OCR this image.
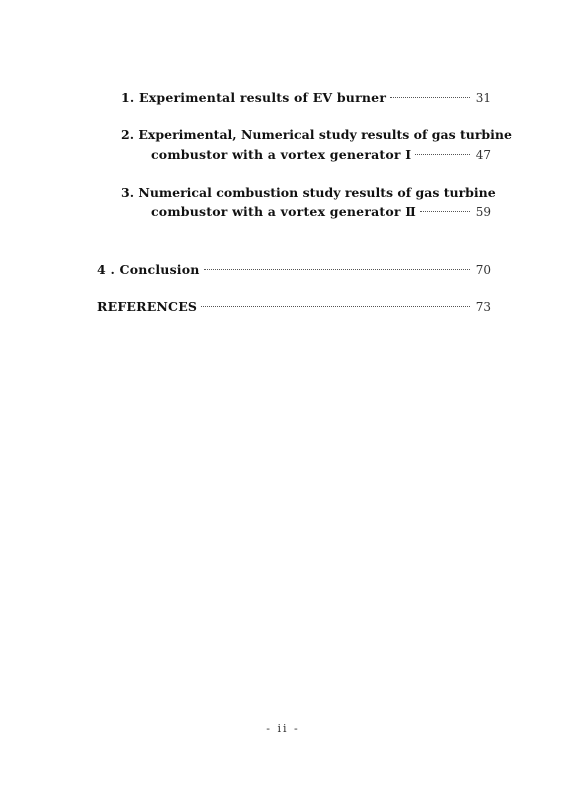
1. Experimental results of EV burner	31
2. Experimental, Numerical study results of gas turbine
combustor with a vortex generator Ⅰ	47
3. Numerical combustion study results of gas turbine
combustor with a vortex generator Ⅱ	59
4 . Conclusion	70
REFERENCES	73
- ii -
